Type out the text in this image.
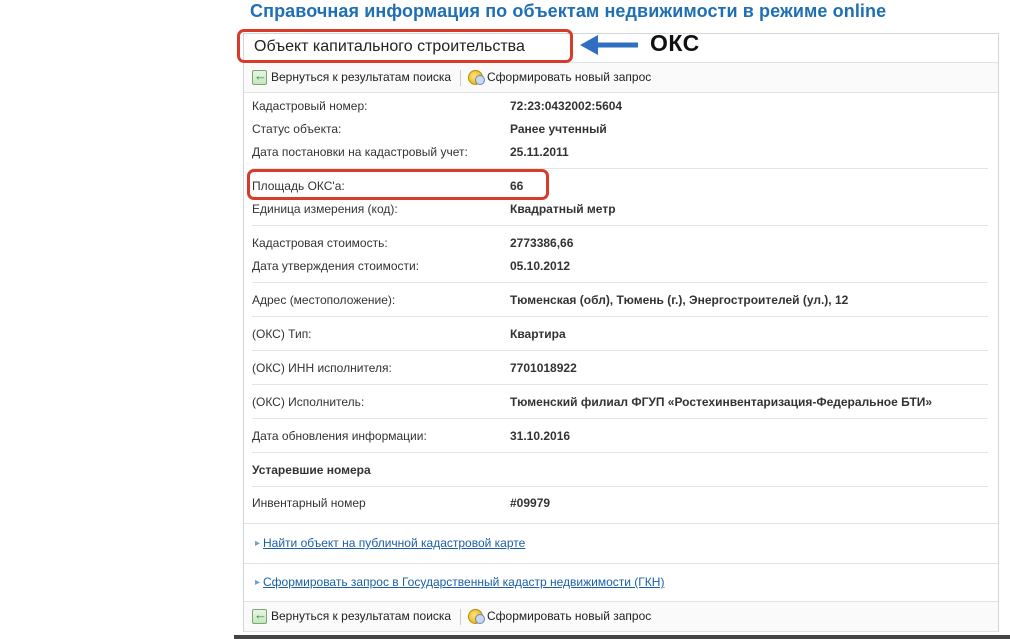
Справочная информация по объектам недвижимости в режиме online
Объект капитального строительства
←
Вернуться к результатам поиска	Сформировать новый запрос
Кадастровый номер:	72:23:0432002:5604
Статус объекта:	Ранее учтенный
Дата постановки на кадастровый учет:	25.11.2011
Площадь ОКС'а:	66
Единица измерения (код):	Квадратный метр
Кадастровая стоимость:	2773386,66
Дата утверждения стоимости:	05.10.2012
Адрес (местоположение):	Тюменская (обл), Тюмень (г.), Энергостроителей (ул.), 12
(ОКС) Тип:	Квартира
(ОКС) ИНН исполнителя:	7701018922
(ОКС) Исполнитель:	Тюменский филиал ФГУП «Ростехинвентаризация-Федеральное БТИ»
Дата обновления информации:	31.10.2016
Устаревшие номера
Инвентарный номер	#09979
▸ Найти объект на публичной кадастровой карте
▸ Сформировать запрос в Государственный кадастр недвижимости (ГКН)
←
Вернуться к результатам поиска	Сформировать новый запрос
ОКС
